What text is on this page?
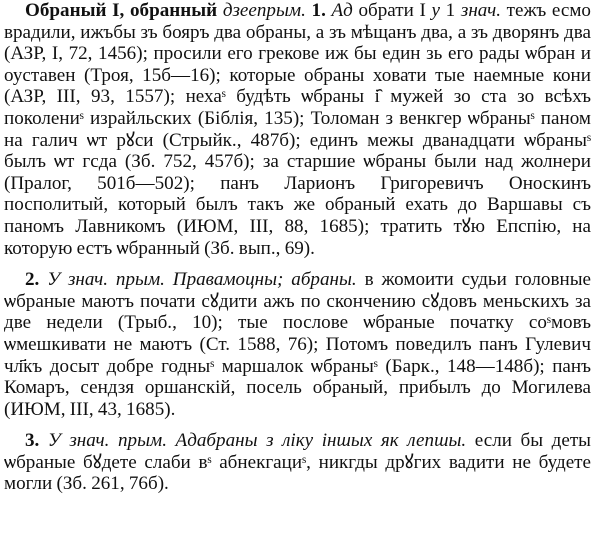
Обраный I, обранный дзеeпрым. 1. Ад обрати I у 1 знач. тежъ есмо врадили, ижъбы зъ бояръ два обраны, а зъ мѣщанъ два, а зъ дворянъ два (АЗР, I, 72, 1456); просили его грекове иж бы един зь его рады ѡбран и оуставен (Троя, 15б—16); которые обраны ховати тые наемные кони (АЗР, III, 93, 1557); нехаˢ будѣть ѡбраны і̑ мужей зо ста зо всѣхъ поколениˢ израйльских (Біблія, 135); Толоман з венкгер ѡбраныˢ паном на галич ѡт рꙋси (Стрыйк., 487б); единъ межы дванадцати ѡбраныˢ былъ ѡт гсда (Зб. 752, 457б); за старшие ѡбраны были над жолнери (Пралог, 501б—502); панъ Ларионъ Григоревичъ Оноскинъ посполитый, который былъ такъ же обраный ехать до Варшавы съ паномъ Лавникомъ (ИЮМ, III, 88, 1685); тратить тꙋю Епспію, на которую естъ ѡбранный (Зб. вып., 69).

2. У знач. прым. Правамоцны; абраны. в жомоити судьи головные ѡбраные маютъ почати сꙋдити ажъ по скончению сꙋдовъ меньскихъ за две недели (Трыб., 10); тые послове ѡбраные початку соˢмовъ ѡмешкивати не маютъ (Ст. 1588, 76); Потомъ поведилъ панъ Гулевич чл҃къ досыт добре годныˢ маршалок ѡбраныˢ (Барк., 148—148б); панъ Комаръ, сендзя оршанскiй, посель обраный, прибылъ до Могилева (ИЮМ, III, 43, 1685).

3. У знач. прым. Адабраны з ліку іншых як лепшы. если бы деты ѡбраные бꙋдете слаби вˢ абнекгациˢ, никгды дрꙋгих вадити не будете могли (Зб. 261, 76б).
